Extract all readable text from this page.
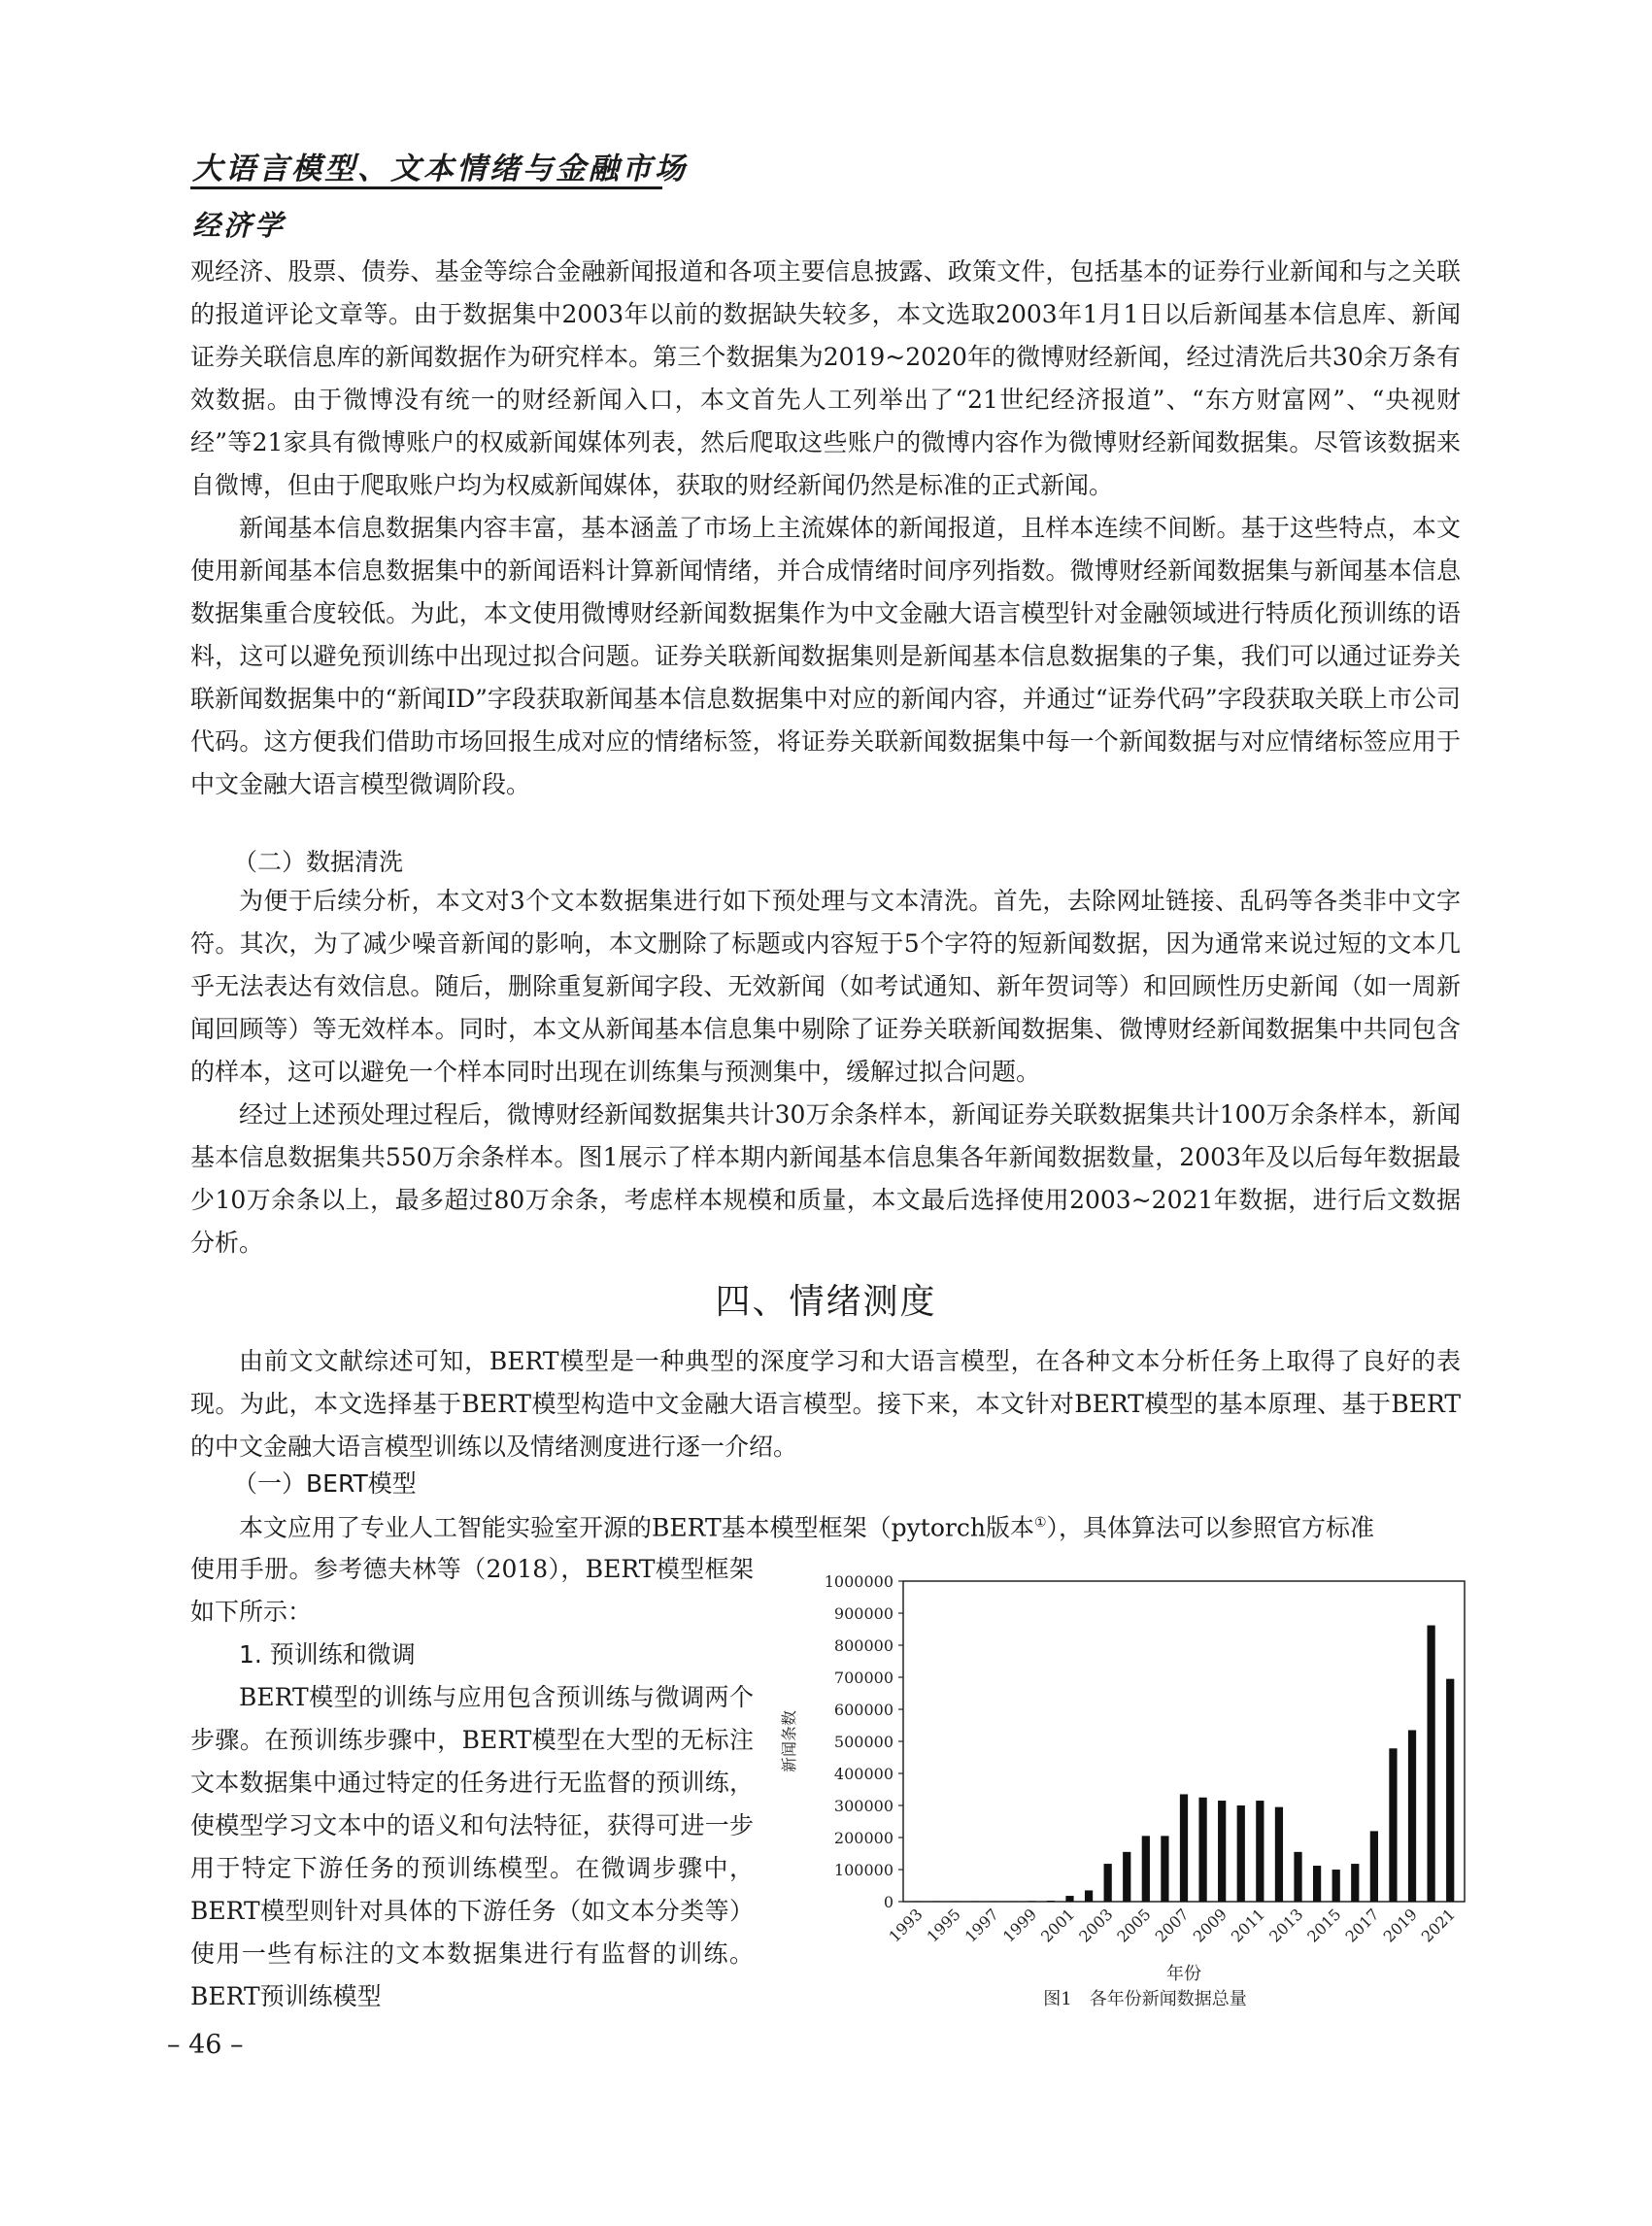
大语言模型、文本情绪与金融市场
经济学

观经济、股票、债券、基金等综合金融新闻报道和各项主要信息披露、政策文件，包括基本的证券行业新闻和与之关联的报道评论文章等。由于数据集中2003年以前的数据缺失较多，本文选取2003年1月1日以后新闻基本信息库、新闻证券关联信息库的新闻数据作为研究样本。第三个数据集为2019~2020年的微博财经新闻，经过清洗后共30余万条有效数据。由于微博没有统一的财经新闻入口，本文首先人工列举出了“21世纪经济报道”、“东方财富网”、“央视财经”等21家具有微博账户的权威新闻媒体列表，然后爬取这些账户的微博内容作为微博财经新闻数据集。尽管该数据来自微博，但由于爬取账户均为权威新闻媒体，获取的财经新闻仍然是标准的正式新闻。

新闻基本信息数据集内容丰富，基本涵盖了市场上主流媒体的新闻报道，且样本连续不间断。基于这些特点，本文使用新闻基本信息数据集中的新闻语料计算新闻情绪，并合成情绪时间序列指数。微博财经新闻数据集与新闻基本信息数据集重合度较低。为此，本文使用微博财经新闻数据集作为中文金融大语言模型针对金融领域进行特质化预训练的语料，这可以避免预训练中出现过拟合问题。证券关联新闻数据集则是新闻基本信息数据集的子集，我们可以通过证券关联新闻数据集中的“新闻ID”字段获取新闻基本信息数据集中对应的新闻内容，并通过“证券代码”字段获取关联上市公司代码。这方便我们借助市场回报生成对应的情绪标签，将证券关联新闻数据集中每一个新闻数据与对应情绪标签应用于中文金融大语言模型微调阶段。

（二）数据清洗

为便于后续分析，本文对3个文本数据集进行如下预处理与文本清洗。首先，去除网址链接、乱码等各类非中文字符。其次，为了减少噪音新闻的影响，本文删除了标题或内容短于5个字符的短新闻数据，因为通常来说过短的文本几乎无法表达有效信息。随后，删除重复新闻字段、无效新闻（如考试通知、新年贺词等）和回顾性历史新闻（如一周新闻回顾等）等无效样本。同时，本文从新闻基本信息集中剔除了证券关联新闻数据集、微博财经新闻数据集中共同包含的样本，这可以避免一个样本同时出现在训练集与预测集中，缓解过拟合问题。

经过上述预处理过程后，微博财经新闻数据集共计30万余条样本，新闻证券关联数据集共计100万余条样本，新闻基本信息数据集共550万余条样本。图1展示了样本期内新闻基本信息集各年新闻数据数量，2003年及以后每年数据最少10万余条以上，最多超过80万余条，考虑样本规模和质量，本文最后选择使用2003~2021年数据，进行后文数据分析。

四、情绪测度

由前文文献综述可知，BERT模型是一种典型的深度学习和大语言模型，在各种文本分析任务上取得了良好的表现。为此，本文选择基于BERT模型构造中文金融大语言模型。接下来，本文针对BERT模型的基本原理、基于BERT的中文金融大语言模型训练以及情绪测度进行逐一介绍。

（一）BERT模型

本文应用了专业人工智能实验室开源的BERT基本模型框架（pytorch版本①），具体算法可以参照官方标准

使用手册。参考德夫林等（2018），BERT模型框架如下所示：

1. 预训练和微调

BERT模型的训练与应用包含预训练与微调两个步骤。在预训练步骤中，BERT模型在大型的无标注文本数据集中通过特定的任务进行无监督的预训练，使模型学习文本中的语义和句法特征，获得可进一步用于特定下游任务的预训练模型。在微调步骤中，BERT模型则针对具体的下游任务（如文本分类等）使用一些有标注的文本数据集进行有监督的训练。BERT预训练模型

0
100000
200000
300000
400000
500000
600000
700000
800000
900000
1000000
1993
1995
1997
1999
2001
2003
2005
2007
2009
2011
2013
2015
2017
2019
2021
新闻条数
年份
图1　各年份新闻数据总量
– 46 –
